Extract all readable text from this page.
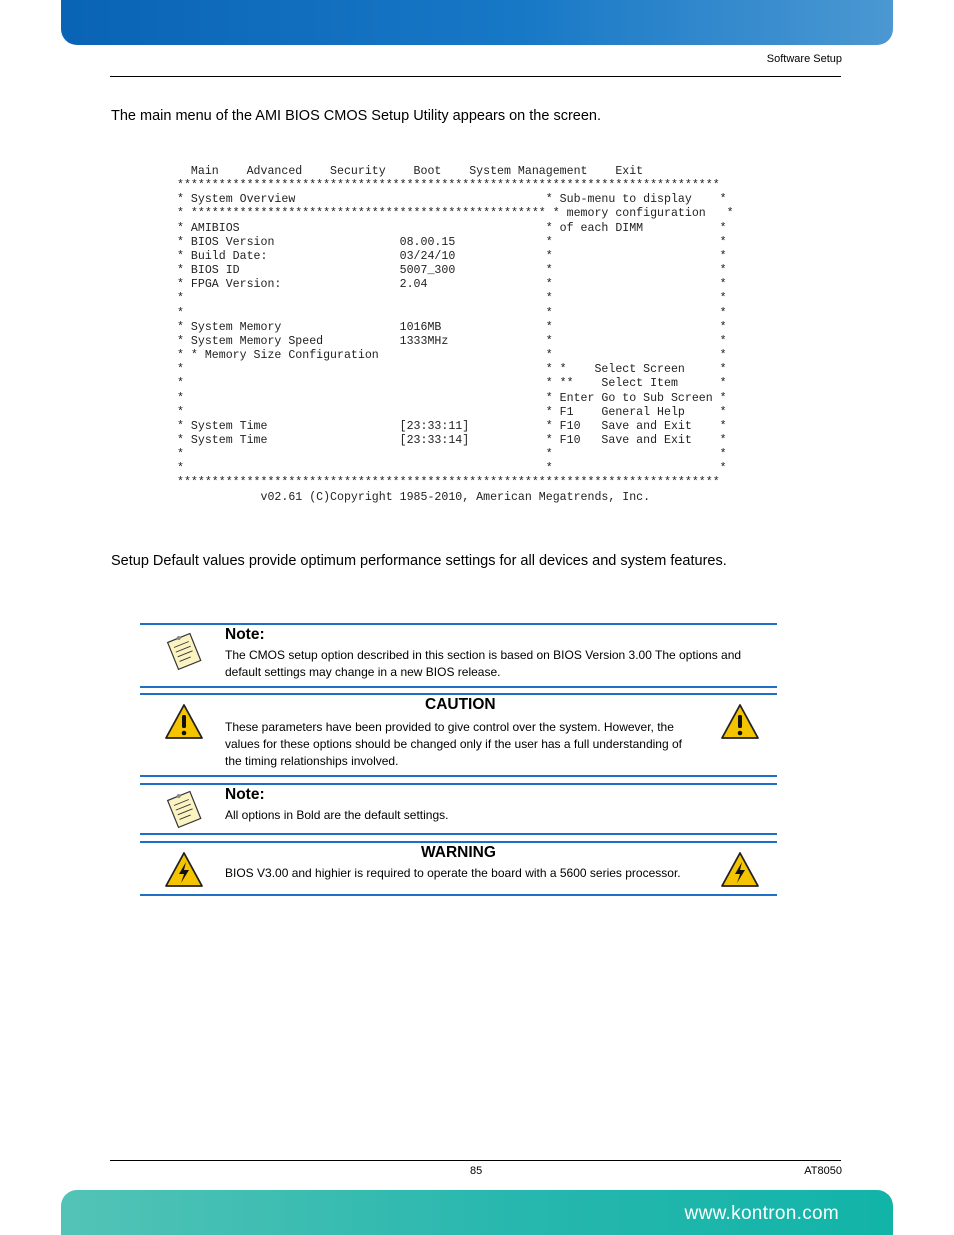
Software Setup
The main menu of the AMI BIOS CMOS Setup Utility appears on the screen.
Main    Advanced    Security    Boot    System Management    Exit
******************************************************************************
* System Overview                                    * Sub-menu to display    *
* *************************************************** * memory configuration   *
* AMIBIOS                                            * of each DIMM           *
* BIOS Version                  08.00.15             *                        *
* Build Date:                   03/24/10             *                        *
* BIOS ID                       5007_300             *                        *
* FPGA Version:                 2.04                 *                        *
*                                                    *                        *
*                                                    *                        *
* System Memory                 1016MB               *                        *
* System Memory Speed           1333MHz              *                        *
* * Memory Size Configuration                        *                        *
*                                                    * *    Select Screen     *
*                                                    * **    Select Item      *
*                                                    * Enter Go to Sub Screen *
*                                                    * F1    General Help     *
* System Time                   [23:33:11]           * F10   Save and Exit    *
* System Time                   [23:33:14]           * F10   Save and Exit    *
*                                                    *                        *
*                                                    *                        *
******************************************************************************
v02.61 (C)Copyright 1985-2010, American Megatrends, Inc.
Setup Default values provide optimum performance settings for all devices and system features.
Note:
The CMOS setup option described in this section is based on BIOS Version 3.00 The options and default settings may change in a new BIOS release.
CAUTION
These parameters have been provided to give control over the system. However, the values for these options should be changed only if the user has a full understanding of the timing relationships involved.
Note:
All options in Bold are the default settings.
WARNING
BIOS V3.00 and highier is required to operate the board with a 5600 series processor.
85	AT8050
www.kontron.com
